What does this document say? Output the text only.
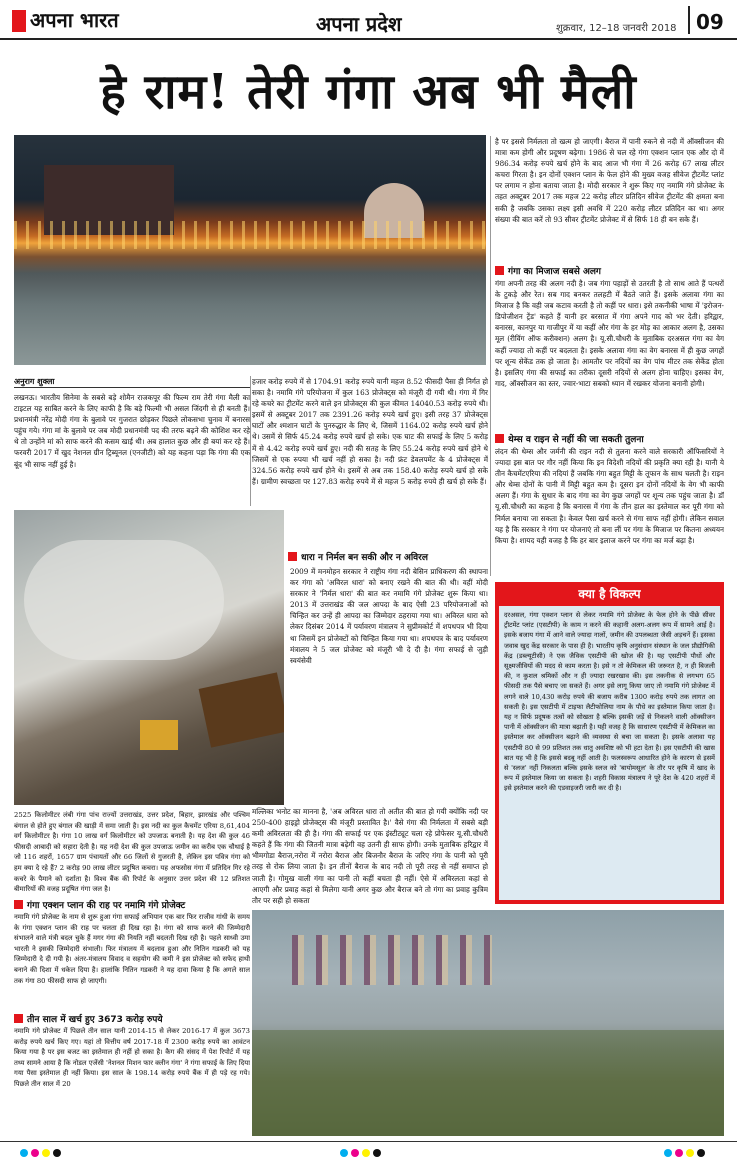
अपना भारत	अपना प्रदेश	शुक्रवार, 12–18 जनवरी 2018 09
हे राम! तेरी गंगा अब भी मैली
है पर इससे निर्मलता तो खत्म हो जाएगी। बैराज में पानी रुकने से नदी में ऑक्सीजन की मात्रा कम होगी और प्रदूषण बढ़ेगा। 1986 से चल रहे गंगा एक्शन प्लान एक और दो में 986.34 करोड़ रुपये खर्च होने के बाद आज भी गंगा में 26 करोड़ 67 लाख लीटर कचरा गिरता है। इन दोनों एक्शन प्लान के फेल होने की मुख्य वजह सीवेज ट्रीटमेंट प्लांट पर लगाम न होना बताया जाता है। मोदी सरकार ने शुरू किए गए नमामि गंगे प्रोजेक्ट के तहत अक्टूबर 2017 तक महज 22 करोड़ लीटर प्रतिदिन सीवेज ट्रीटमेंट की क्षमता बना सकी है जबकि उसका लक्ष्य इसी अवधि में 220 करोड़ लीटर प्रतिदिन का था। अगर संख्या की बात करें तो 93 सीवर ट्रीटमेंट प्रोजेक्ट में से सिर्फ 18 ही बन सके हैं।
गंगा का मिजाज सबसे अलग
गंगा अपनी तरह की अलग नदी है। जब गंगा पहाड़ों से उतरती है तो साथ आते हैं पत्थरों के टुकड़े और रेत। सब गाद बनकर तलहटी में बैठते जाते हैं। इसके अलावा गंगा का मिजाज है कि वही जब कटाव करती है तो कहीं पर धारा। इसे तकनीकी भाषा में 'इरोजन-डिपोजीशन ट्रेंड' कहते हैं यानी हर बरसात में गंगा अपने गाद को भर देती। हरिद्वार, बनारस, कानपुर या गाजीपुर में या कहीं और गंगा के हर मोड़ का आकार अलग है, उसका मूल (रीविंग ऑफ करीक्शन) अलग है। यू.सी.चौधरी के मुताबिक दरअसल गंगा का वेग कहीं ज्यादा तो कहीं पर बदलता है। इसके अलावा गंगा का वेग बनारस में ही कुछ जगहों पर शून्य सेकेंड तक हो जाता है। आमतौर पर नदियों का वेग पांच मीटर तक सेकेंड होता है। इसलिए गंगा की सफाई का तरीका दूसरी नदियों से अलग होना चाहिए। इसका वेग, गाद, ऑक्सीजन का स्तर, ज्वार-भाटा सबको ध्यान में रखकर योजना बनानी होगी।
थेम्स व राइन से नहीं की जा सकती तुलना
लंदन की थेम्स और जर्मनी की राइन नदी से तुलना करने वाले सरकारी ऑफिसरियों ने ज्यादा इस बात पर गौर नहीं किया कि इन विदेशी नदियों की प्रकृति क्या रही है। यानी ये तीन कैचमेंटएरिया की नदियां हैं जबकि गंगा बहुत मिट्टी के तूफान के साथ चलती है। राइन और थेम्स दोनों के पानी में मिट्टी बहुत कम है। दूसरा इन दोनों नदियों के वेग भी काफी अलग हैं। गंगा के सुधार के बाद गंगा का वेग कुछ जगहों पर शून्य तक पहुंच जाता है। डॉ यू.सी.चौधरी का कहना है कि बनारस में गंगा के तीन हाल का इस्तेमाल कर पूरी गंगा को निर्मल बनाया जा सकता है। केवल पैसा खर्च करने से गंगा साफ नहीं होगी। लेकिन सवाल यह है कि सरकार ने गंगा पर योजनाएं तो बना लीं पर गंगा के मिजाज पर कितना अध्ययन किया है। शायद यही वजह है कि हर बार इलाज करने पर गंगा का मर्ज बढ़ा है।
अनुराग शुक्ला
लखनऊ। भारतीय सिनेमा के सबसे बड़े शोमैन राजकपूर की फिल्म राम तेरी गंगा मैली का टाइटल यह साबित करने के लिए काफी है कि बड़े फिल्मी भी असल जिंदगी से ही बनती हैं। प्रधानमंत्री नरेंद्र मोदी गंगा के बुलावे पर गुजरात छोड़कर पिछले लोकसभा चुनाव में बनारस पहुंच गये। गंगा मां के बुलावे पर जब मोदी प्रधानमंत्री पद की तरफ बढ़ने की कोशिश कर रहे थे तो उन्होंने मां को साफ करने की कसम खाई थी। अब हालात कुछ और ही बयां कर रहे हैं। फरवरी 2017 में खुद नेशनल ग्रीन ट्रिब्यूनल (एनजीटी) को यह कहना पड़ा कि गंगा की एक बूंद भी साफ नहीं हुई है।
2525 किलोमीटर लंबी गंगा पांच राज्यों उत्तराखंड, उत्तर प्रदेश, बिहार, झारखंड और पश्चिम बंगाल से होते हुए बंगाल की खाड़ी में समा जाती है। इस नदी का कुल कैचमेंट एरिया 8,61,404 वर्ग किलोमीटर है। गंगा 10 लाख वर्ग किलोमीटर को उपजाऊ बनाती है। यह देश की कुल 46 फीसदी आबादी को सहारा देती है। यह नदी देश की कुल उपजाऊ जमीन का करीब एक चौथाई है जो 116 शहरों, 1657 ग्राम पंचायतों और 66 जिलों से गुजरती है, लेकिन इस पवित्र गंगा को हम क्या दे रहे हैं? 2 करोड़ 90 लाख लीटर प्रदूषित कचरा। यह अफसोस गंगा में प्रतिदिन गिर रहे कचरे के पैमाने को दर्शाता है। विश्व बैंक की रिपोर्ट के अनुसार उत्तर प्रदेश की 12 प्रतिशत बीमारियों की वजह प्रदूषित गंगा जल है।
गंगा एक्शन प्लान की राह पर नमामि गंगे प्रोजेक्ट
नमामि गंगे प्रोजेक्ट के नाम से शुरू हुआ गंगा सफाई अभियान एक बार फिर राजीव गांधी के समय के गंगा एक्शन प्लान की राह पर चलता ही दिख रहा है। गंगा को साफ करने की जिम्मेदारी संभालने वाले मंत्री बदल चुके हैं मगर गंगा की नियति नहीं बदलती दिख रही है। पहले साध्वी उमा भारती ने इसकी जिम्मेदारी संभाली। फिर मंत्रालय में बदलाव हुआ और नितिन गडकरी को यह जिम्मेदारी दे दी गयी है। अंतर-मंत्रालय विवाद व सहयोग की कमी ने इस प्रोजेक्ट को सफेद हाथी बनाने की दिशा में धकेल दिया है। हालांकि नितिन गडकरी ने यह दावा किया है कि अगले साल तक गंगा 80 फीसदी साफ हो जाएगी।
तीन साल में खर्च हुए 3673 करोड़ रुपये
नमामि गंगे प्रोजेक्ट में पिछले तीन साल यानी 2014-15 से लेकर 2016-17 में कुल 3673 करोड़ रुपये खर्च किए गए। यहां तो वित्तीय वर्ष 2017-18 में 2300 करोड़ रुपये का आवंटन किया गया है पर इस बजट का इस्तेमाल ही नहीं हो सका है। कैग की संसद में पेश रिपोर्ट में यह तथ्य सामने आया है कि नोडल एजेंसी 'नेशनल मिशन फार क्लीन गंगा' ने गंगा सफाई के लिए दिया गया पैसा इस्तेमाल ही नहीं किया। इस साल के 198.14 करोड़ रुपये बैंक में ही पड़े रह गये। पिछले तीन साल में 20
हजार करोड़ रुपये में से 1704.91 करोड़ रुपये यानी महज 8.52 फीसदी पैसा ही निर्गत हो सका है। नमामि गंगे परियोजना में कुल 163 प्रोजेक्ट्स को मंजूरी दी गयी थी। गंगा में गिर रहे कचरे का ट्रीटमेंट करने वाले इन प्रोजेक्ट्स की कुल कीमत 14040.53 करोड़ रुपये थी। इसमें से अक्टूबर 2017 तक 2391.26 करोड़ रुपये खर्च हुए। इसी तरह 37 प्रोजेक्ट्स घाटों और श्मशान घाटों के पुनरुद्धार के लिए थे, जिसमें 1164.02 करोड़ रुपये खर्च होने थे। उसमें से सिर्फ 45.24 करोड़ रुपये खर्च हो सके। एक घाट की सफाई के लिए 5 करोड़ में से 4.42 करोड़ रुपये खर्च हुए। नदी की सतह के लिए 55.24 करोड़ रुपये खर्च होने थे जिसमें से एक रुपया भी खर्च नहीं हो सका है। नदी फ्रंट डेवलपमेंट के 4 प्रोजेक्ट्स में 324.56 करोड़ रुपये खर्च होने थे। इसमें से अब तक 158.40 करोड़ रुपये खर्च हो सके हैं। ग्रामीण स्वच्छता पर 127.83 करोड़ रुपये में से महज 5 करोड़ रुपये ही खर्च हो सके हैं।
धारा न निर्मल बन सकी और न अविरल
2009 में मनमोहन सरकार ने राष्ट्रीय गंगा नदी बेसिन प्राधिकरण की स्थापना कर गंगा को 'अविरल धारा' को बनाए रखने की बात की थी। वहीं मोदी सरकार ने 'निर्मल धारा' की बात कर नमामि गंगे प्रोजेक्ट शुरू किया था। 2013 में उत्तराखंड की जल आपदा के बाद ऐसी 23 परियोजनाओं को चिन्हित कर उन्हें ही आपदा का जिम्मेदार ठहराया गया था। अविरल धारा को लेकर दिसंबर 2014 में पर्यावरण मंत्रालय ने सुप्रीमकोर्ट में शपथपत्र भी दिया था जिसमें इन प्रोजेक्टों को चिन्हित किया गया था। शपथपत्र के बाद पर्यावरण मंत्रालय ने 5 जल प्रोजेक्ट को मंजूरी भी दे दी है। गंगा सफाई से जुड़ी स्वयंसेवी
मल्लिका भनोट का मानना है, 'अब अविरल धारा तो अतीत की बात हो गयी क्योंकि नदी पर 250-400 हाइड्रो प्रोजेक्ट्स की मंजूरी प्रस्तावित है।' वैसे गंगा की निर्मलता में सबसे बड़ी कमी अविरलता की ही है। गंगा की सफाई पर एक इंस्टीट्यूट चला रहे प्रोफेसर यू.सी.चौधरी कहते हैं कि गंगा की जितनी मात्रा बढ़ेगी वह उतनी ही साफ होगी। उनके मुताबिक हरिद्वार में भीमगोडा बैराज,नरोरा में नरोरा बैराज और बिजनौर बैराज के जरिए गंगा के पानी को पूरी तरह से रोक लिया जाता है। इन तीनों बैराज के बाद नदी तो पूरी तरह से नहीं समाप्त हो जाती है। गोमुख वाली गंगा का पानी तो कहीं बचता ही नहीं। ऐसे में अविरलता कहां से आएगी और प्रवाह कहां से मिलेगा यानी अगर कुछ और बैराज बने तो गंगा का प्रवाह कुत्रिम तौर पर सही हो सकता
क्या है विकल्प
दरअसल, गंगा एक्शन प्लान से लेकर नमामि गंगे प्रोजेक्ट के फेल होने के पीछे सीवर ट्रीटमेंट प्लांट (एसटीपी) के काम न करने की कहानी अलग-अलग रूप में सामने आई है। इसके बजाय गंगा में आने वाले ज्यादा नालों, जमीन की उपलब्धता जैसी अड़चनें हैं। इसका जवाब खुद केंद्र सरकार के पास ही है। भारतीय कृषि अनुसंधान संस्थान के जल प्रौद्योगिकी केंद्र (डब्ल्यूटीसी) ने एक जैविक एसटीपी की खोज की है। यह एसटीपी पौधों और सूक्ष्मजीवियों की मदद से काम करता है। इसे न तो केमिकल की जरूरत है, न ही बिजली की, न कुशल श्रमिकों और न ही ज्यादा रखरखाव की। इस तकनीक से लगभग 65 फीसदी तक पैसे बचाए जा सकते हैं। अगर इसे लागू किया जाए तो नमामि गंगे प्रोजेक्ट में लगने वाले 10,430 करोड़ रुपये की बजाय करीब 1300 करोड़ रुपये तक लागत आ सकती है। इस एसटीपी में टाइफा लैटीफोलिया नाम के पौधे का इस्तेमाल किया जाता है। यह न सिर्फ प्रदूषक तत्वों को सोखता है बल्कि इसकी जड़ें से निकलने वाली ऑक्सीजन पानी में ऑक्सीजन की मात्रा बढ़ाती है। यही वजह है कि साधारण एसटीपी में केमिकल का इस्तेमाल कर ऑक्सीजन बढ़ाने की व्यवस्था से बचा जा सकता है। इसके अलावा यह एसटीपी 80 से 99 प्रतिशत तक धातु अवशिष्ट को भी हटा देता है। इस एसटीपी की खास बात यह भी है कि इससे बदबू नहीं आती है। फलस्वरूप आधारित होने के कारण से इसमें से 'स्लज' नहीं निकलता बल्कि इसके स्लज को 'बायोमसूल' के तौर पर कृषि में खाद के रूप में इस्तेमाल किया जा सकता है। शहरी विकास मंत्रालय ने पूरे देश के 420 शहरों में इसे इस्तेमाल करने की एडवाइजरी जारी कर दी है।
